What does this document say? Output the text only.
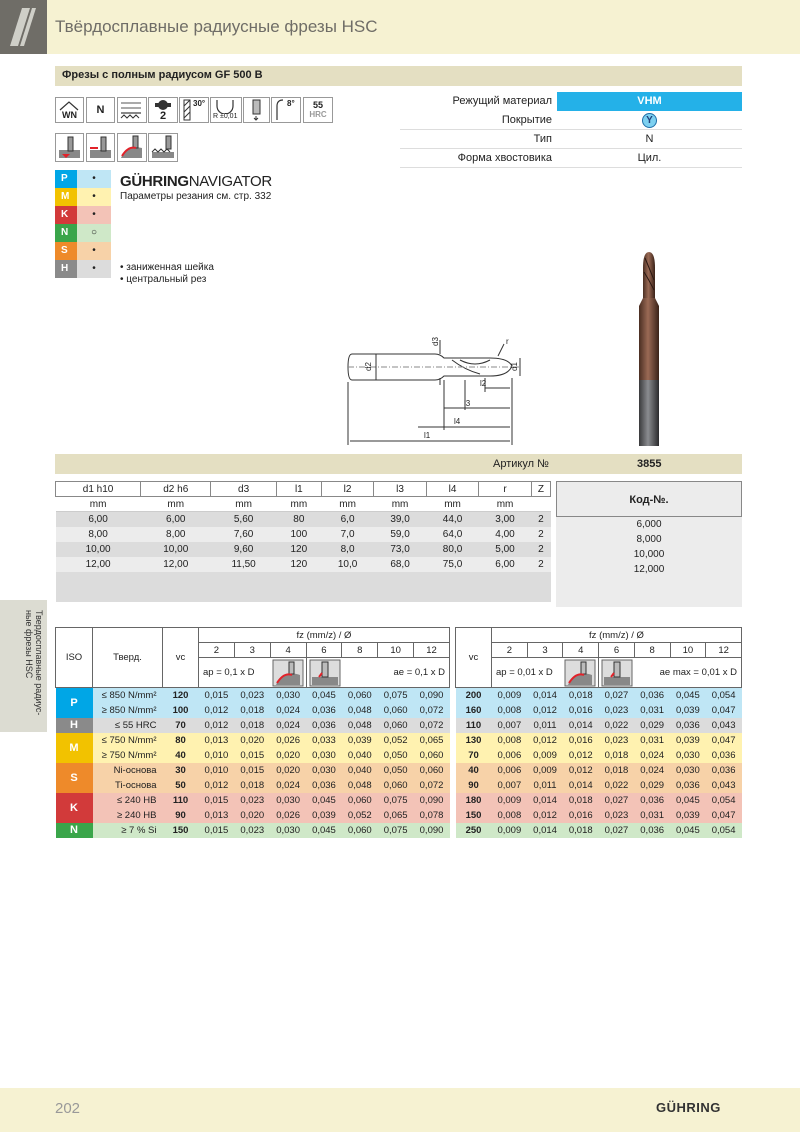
Твёрдосплавные радиусные фрезы HSC
Фрезы с полным радиусом GF 500 B
WN	N	2
30°
R ±0,01
8°	55
HRC
Режущий материал	VHM
Покрытие	Y
Тип	N
Форма хвостовика	Цил.
P	•
M	•
K	•
N	○
S	•
H	•
GÜHRINGNAVIGATOR
Параметры резания см. стр. 332
• заниженная шейка
• центральный рез
d2
d3
d1
r
l2
l3
l4
l1
Артикул №	3855
d1 h10	d2 h6	d3	l1	l2	l3	l4	r	Z
mm	mm	mm	mm	mm	mm	mm	mm	
6,00	6,00	5,60	80	6,0	39,0	44,0	3,00	2
8,00	8,00	7,60	100	7,0	59,0	64,0	4,00	2
10,00	10,00	9,60	120	8,0	73,0	80,0	5,00	2
12,00	12,00	11,50	120	10,0	68,0	75,0	6,00	2

Код-№.
6,000
8,000
10,000
12,000
Твердосплавные радиус-ные фрезы HSC	ISO	Тверд.	vc	fz (mm/z) / Ø						
			2	3	4	6	8	10	12
			ap = 0,1 x D			ae = 0,1 x D			
P	≤ 850 N/mm²	120	0,015	0,023	0,030	0,045	0,060	0,075	0,090
	≥ 850 N/mm²	100	0,012	0,018	0,024	0,036	0,048	0,060	0,072
H	≤ 55 HRC	70	0,012	0,018	0,024	0,036	0,048	0,060	0,072
M	≤ 750 N/mm²	80	0,013	0,020	0,026	0,033	0,039	0,052	0,065
	≥ 750 N/mm²	40	0,010	0,015	0,020	0,030	0,040	0,050	0,060
S	Ni-основа	30	0,010	0,015	0,020	0,030	0,040	0,050	0,060
	Ti-основа	50	0,012	0,018	0,024	0,036	0,048	0,060	0,072
K	≤ 240 HB	110	0,015	0,023	0,030	0,045	0,060	0,075	0,090
	≥ 240 HB	90	0,013	0,020	0,026	0,039	0,052	0,065	0,078
N	≥ 7 % Si	150	0,015	0,023	0,030	0,045	0,060	0,075	0,090
vc	fz (mm/z) / Ø						
	2	3	4	6	8	10	12
	ap = 0,01 x D			ae max = 0,01 x D			
200	0,009	0,014	0,018	0,027	0,036	0,045	0,054
160	0,008	0,012	0,016	0,023	0,031	0,039	0,047
110	0,007	0,011	0,014	0,022	0,029	0,036	0,043
130	0,008	0,012	0,016	0,023	0,031	0,039	0,047
70	0,006	0,009	0,012	0,018	0,024	0,030	0,036
40	0,006	0,009	0,012	0,018	0,024	0,030	0,036
90	0,007	0,011	0,014	0,022	0,029	0,036	0,043
180	0,009	0,014	0,018	0,027	0,036	0,045	0,054
150	0,008	0,012	0,016	0,023	0,031	0,039	0,047
250	0,009	0,014	0,018	0,027	0,036	0,045	0,054
202	GÜHRING
